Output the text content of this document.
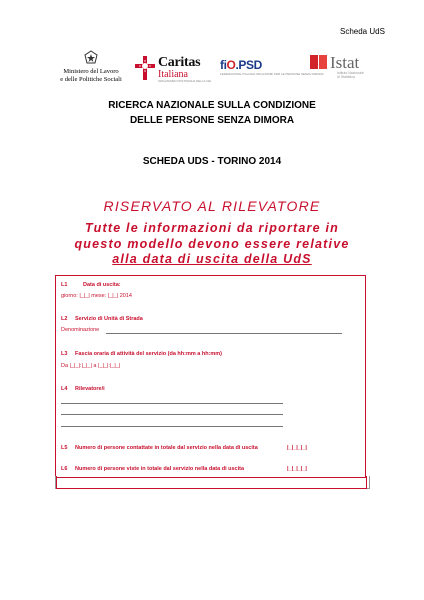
Scheda UdS
Ministero del Lavoro
e delle Politiche Sociali
Caritas
Italiana
ORGANISMO PASTORALE DELLA CEI
fiO.PSD
FEDERAZIONE ITALIANA ORGANISMI PER LE PERSONE SENZA DIMORA
Istat
Istituto Nazionale
di Statistica
RICERCA NAZIONALE SULLA CONDIZIONE
DELLE PERSONE SENZA DIMORA
SCHEDA UDS - TORINO 2014
RISERVATO AL RILEVATORE
Tutte le informazioni da riportare in
questo modello devono essere relative
alla data di uscita della UdS
L1	Data di uscita:
giorno: |_|_| mese: |_|_| 2014
L2 Servizio di Unità di Strada
Denominazione
L3 Fascia oraria di attività del servizio (da hh:mm a hh:mm)
Da |_|_|:|_|_| a |_|_|:|_|_|
L4 Rilevatore/i
L5 Numero di persone contattate in totale dal servizio nella data di uscita	|_|_|_|_|
L6 Numero di persone viste in totale dal servizio nella data di uscita	|_|_|_|_|
